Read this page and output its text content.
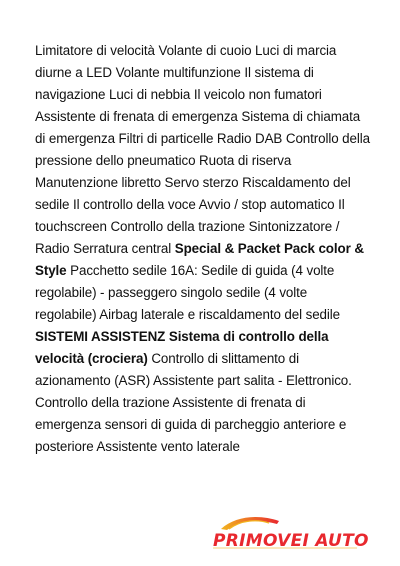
Limitatore di velocità Volante di cuoio Luci di marcia diurne a LED Volante multifunzione Il sistema di navigazione Luci di nebbia Il veicolo non fumatori Assistente di frenata di emergenza Sistema di chiamata di emergenza Filtri di particelle Radio DAB Controllo della pressione dello pneumatico Ruota di riserva Manutenzione libretto Servo sterzo Riscaldamento del sedile Il controllo della voce Avvio / stop automatico Il touchscreen Controllo della trazione Sintonizzatore / Radio Serratura central Special & Packet Pack color & Style Pacchetto sedile 16A: Sedile di guida (4 volte regolabile) - passeggero singolo sedile (4 volte regolabile) Airbag laterale e riscaldamento del sedile

SISTEMI ASSISTENZ Sistema di controllo della velocità (crociera) Controllo di slittamento di azionamento (ASR) Assistente part salita - Elettronico. Controllo della trazione Assistente di frenata di emergenza sensori di guida di parcheggio anteriore e posteriore Assistente vento laterale

PRIMOVEI AUTO
